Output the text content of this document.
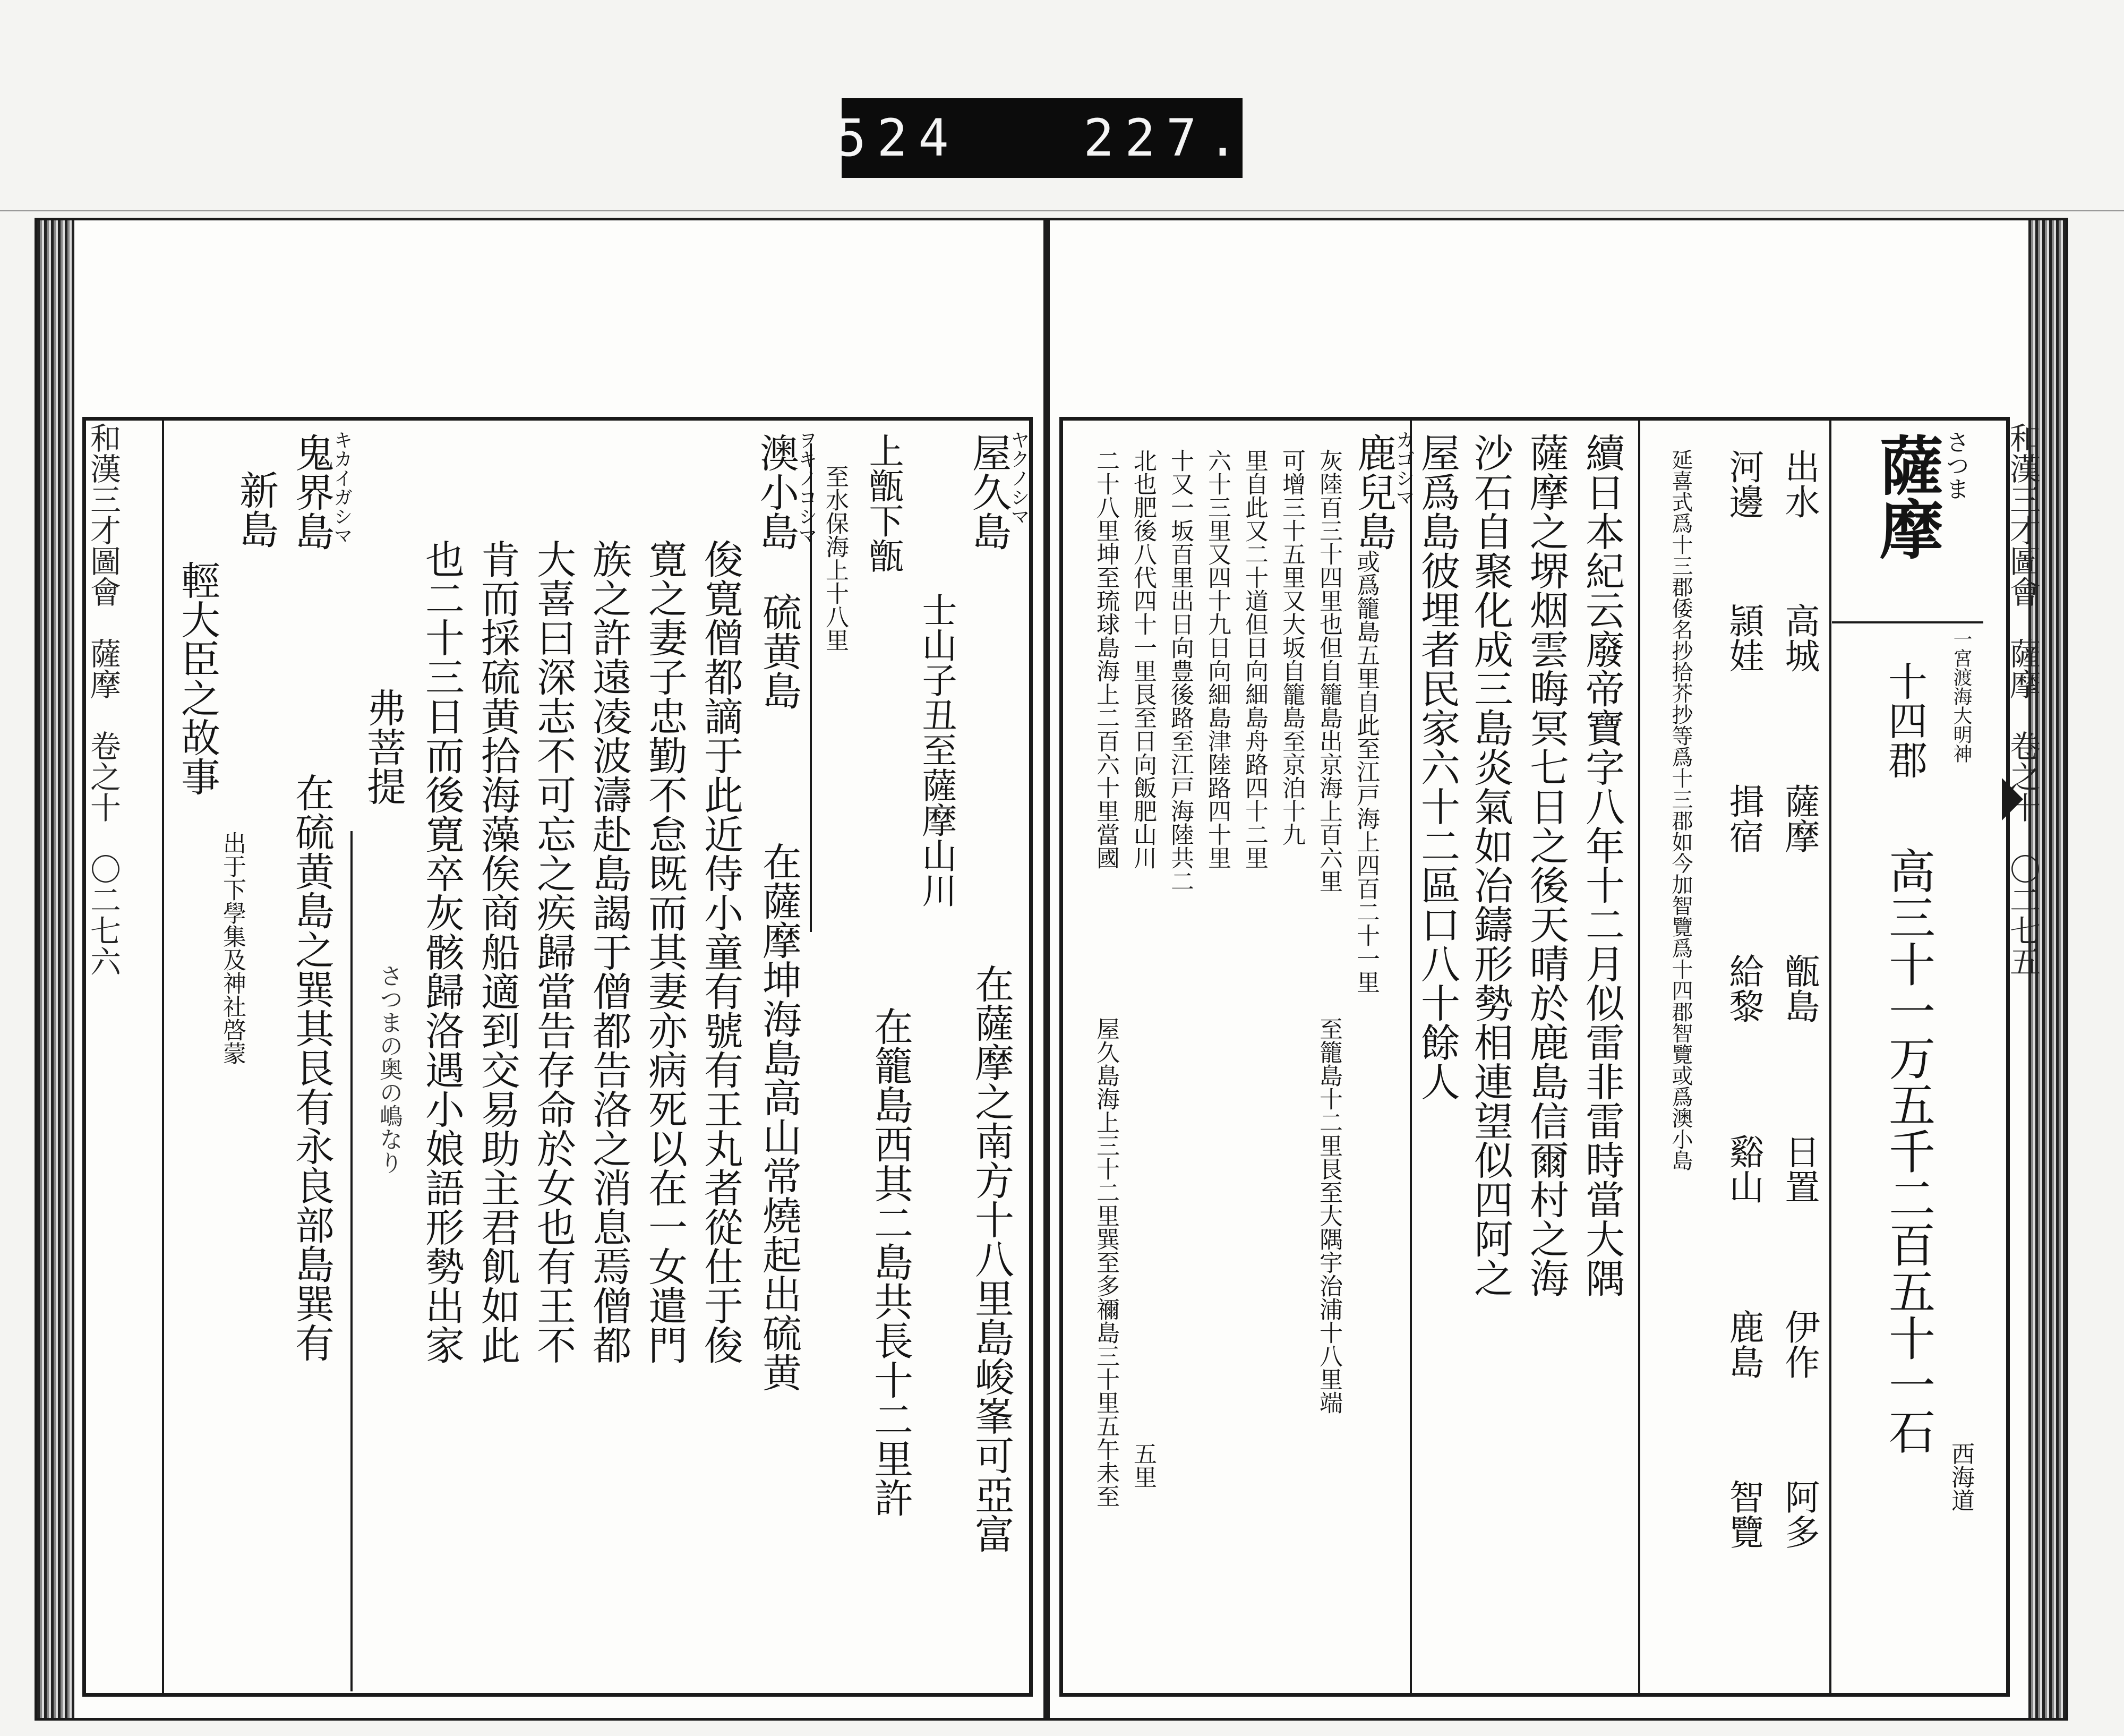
524
227.
和漢三才圖會　薩摩　卷之十　〇二七六	屋久島
ヤクノシマ
士山子丑至薩摩山川
上甑下甑
至水保海上十八里
在薩摩之南方十八里島峻峯可亞富
在籠島西其二島共長十二里許
澳小島
ヲキノコシマ
硫黄島
在薩摩坤海島高山常燒起出硫黄
俊寛僧都謫于此近侍小童有號有王丸者從仕于俊
寛之妻子忠勤不怠既而其妻亦病死以在一女遣門
族之許遠凌波濤赴島謁于僧都告洛之消息焉僧都
大喜曰深志不可忘之疾歸當告存命於女也有王不
肯而採硫黄拾海藻俟商船適到交易助主君飢如此
也二十三日而後寛卒灰骸歸洛遇小娘語形勢出家
弗菩提
さつまの奥の嶋なり
鬼界島
キカイガシマ
在硫黄島之巽其艮有永良部島巽有
新島
輕大臣之故事
出于下學集及神社啓蒙	和漢三才圖會　薩摩　卷之十　〇二七五
薩摩
さつま
一宮渡海大明神
十四郡
高三十一万五千二百五十一石
西海道
出水
高城
薩摩
甑島
日置
伊作
阿多
河邊
頴娃
揖宿
給黎
谿山
鹿島
智覽
延喜式爲十三郡倭名抄拾芥抄等爲十三郡如今加智覽爲十四郡智覽或爲澳小島
續日本紀云廢帝寶字八年十二月似雷非雷時當大隅
薩摩之堺烟雲晦冥七日之後天晴於鹿島信爾村之海
沙石自聚化成三島炎氣如冶鑄形勢相連望似四阿之
屋爲島彼埋者民家六十二區口八十餘人
鹿兒島
カゴシマ
或爲籠島五里自此至江戸海上四百二十一里
灰陸百三十四里也但自籠島出京海上百六里
可增三十五里又大坂自籠島至京泊十九
里自此又二十道但日向細島舟路四十二里
六十三里又四十九日向細島津陸路四十里
十又一坂百里出日向豊後路至江戸海陸共二
北也肥後八代四十一里艮至日向飯肥山川
二十八里坤至琉球島海上二百六十里當國
至籠島十二里艮至大隅宇治浦十八里端
屋久島海上三十二里巽至多禰島三十里五午未至 五里
